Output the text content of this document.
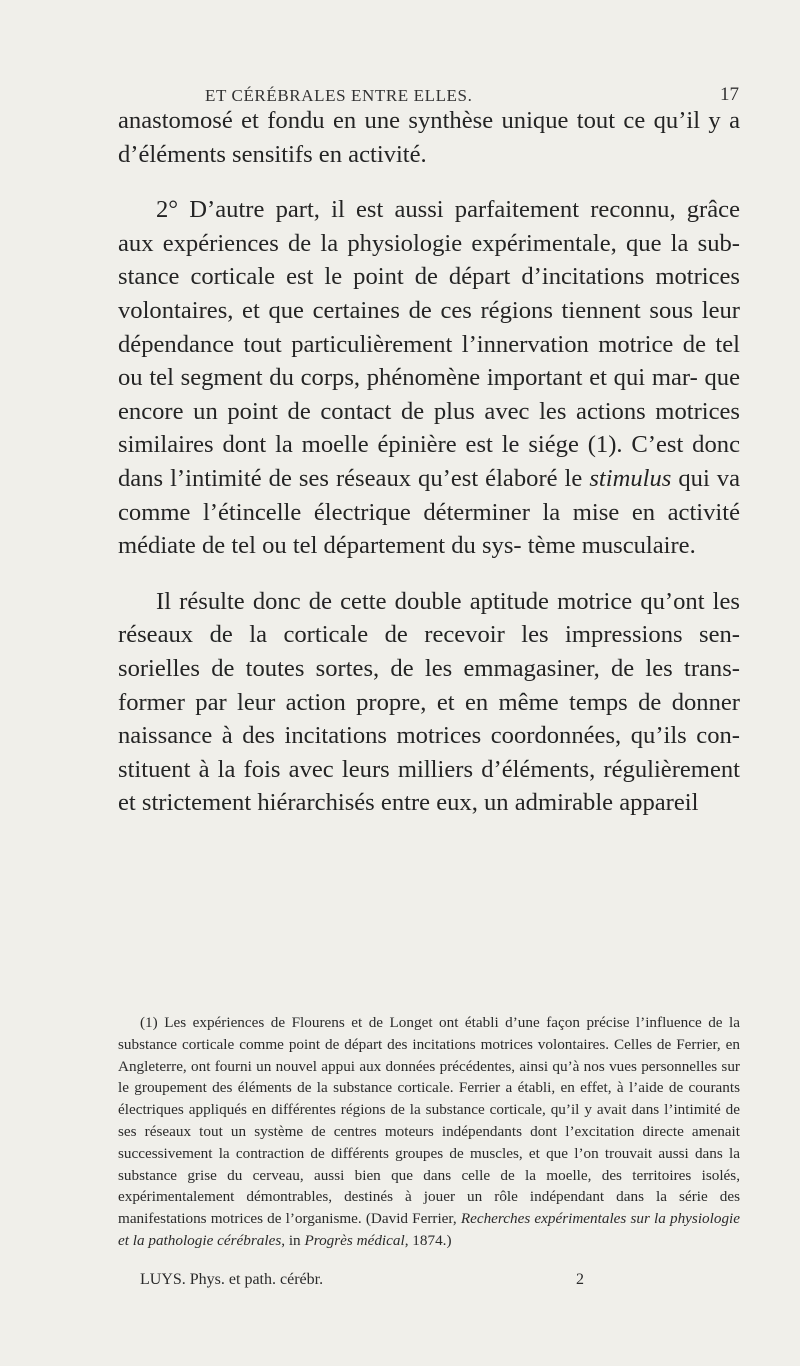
ET CÉRÉBRALES ENTRE ELLES.	17

anastomosé et fondu en une synthèse unique tout ce qu’il y a d’éléments sensitifs en activité.

2° D’autre part, il est aussi parfaitement reconnu, grâce aux expériences de la physiologie expérimentale, que la sub- stance corticale est le point de départ d’incitations motrices volontaires, et que certaines de ces régions tiennent sous leur dépendance tout particulièrement l’innervation motrice de tel ou tel segment du corps, phénomène important et qui mar- que encore un point de contact de plus avec les actions motrices similaires dont la moelle épinière est le siége (1). C’est donc dans l’intimité de ses réseaux qu’est élaboré le stimulus qui va comme l’étincelle électrique déterminer la mise en activité médiate de tel ou tel département du sys- tème musculaire.

Il résulte donc de cette double aptitude motrice qu’ont les réseaux de la corticale de recevoir les impressions sen- sorielles de toutes sortes, de les emmagasiner, de les trans- former par leur action propre, et en même temps de donner naissance à des incitations motrices coordonnées, qu’ils con- stituent à la fois avec leurs milliers d’éléments, régulièrement et strictement hiérarchisés entre eux, un admirable appareil

(1) Les expériences de Flourens et de Longet ont établi d’une façon précise l’influence de la substance corticale comme point de départ des incitations motrices volontaires. Celles de Ferrier, en Angleterre, ont fourni un nouvel appui aux données précédentes, ainsi qu’à nos vues personnelles sur le groupement des éléments de la substance corticale. Ferrier a établi, en effet, à l’aide de courants électriques appliqués en différentes régions de la substance corticale, qu’il y avait dans l’intimité de ses réseaux tout un système de centres moteurs indépendants dont l’excitation directe amenait successivement la contraction de différents groupes de muscles, et que l’on trouvait aussi dans la substance grise du cerveau, aussi bien que dans celle de la moelle, des territoires isolés, expérimentalement démontrables, destinés à jouer un rôle indépendant dans la série des manifestations motrices de l’organisme. (David Ferrier, Recherches expérimentales sur la physiologie et la pathologie cérébrales, in Progrès médical, 1874.)

LUYS. Phys. et path. cérébr.	2
